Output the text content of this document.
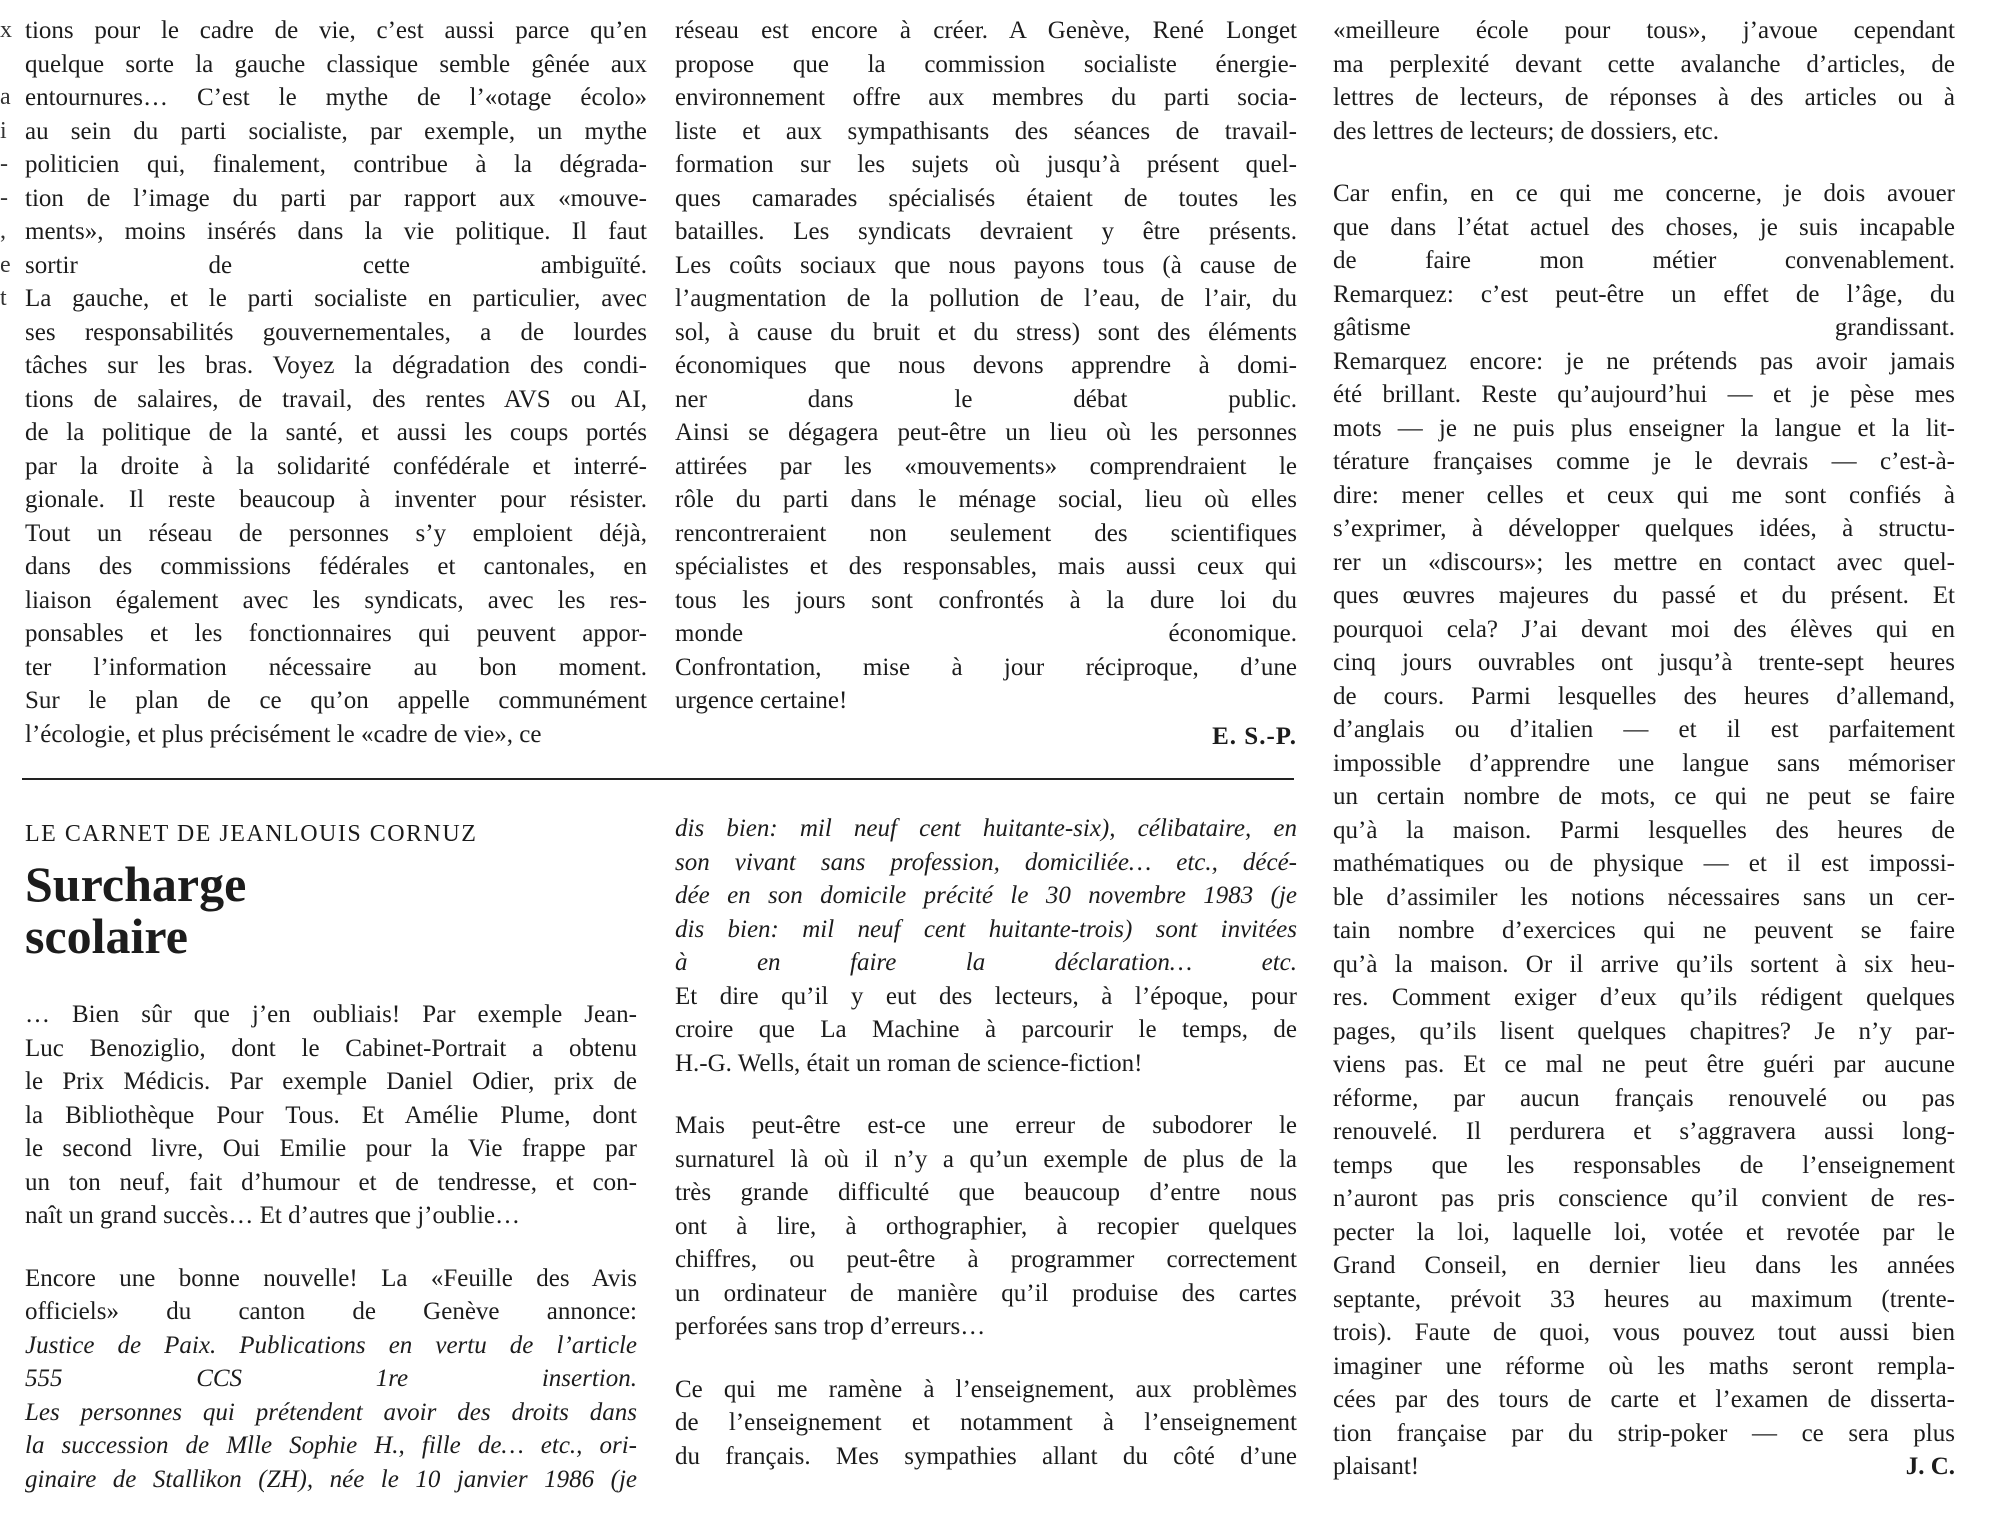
x
a
i
-
-
,
e
t

tions pour le cadre de vie, c’est aussi parce qu’en

quelque sorte la gauche classique semble gênée aux

entournures… C’est le mythe de l’«otage écolo»

au sein du parti socialiste, par exemple, un mythe

politicien qui, finalement, contribue à la dégrada-

tion de l’image du parti par rapport aux «mouve-

ments», moins insérés dans la vie politique. Il faut

sortir de cette ambiguïté.

La gauche, et le parti socialiste en particulier, avec

ses responsabilités gouvernementales, a de lourdes

tâches sur les bras. Voyez la dégradation des condi-

tions de salaires, de travail, des rentes AVS ou AI,

de la politique de la santé, et aussi les coups portés

par la droite à la solidarité confédérale et interré-

gionale. Il reste beaucoup à inventer pour résister.

Tout un réseau de personnes s’y emploient déjà,

dans des commissions fédérales et cantonales, en

liaison également avec les syndicats, avec les res-

ponsables et les fonctionnaires qui peuvent appor-

ter l’information nécessaire au bon moment.

Sur le plan de ce qu’on appelle communément

l’écologie, et plus précisément le «cadre de vie», ce

réseau est encore à créer. A Genève, René Longet

propose que la commission socialiste énergie-

environnement offre aux membres du parti socia-

liste et aux sympathisants des séances de travail-

formation sur les sujets où jusqu’à présent quel-

ques camarades spécialisés étaient de toutes les

batailles. Les syndicats devraient y être présents.

Les coûts sociaux que nous payons tous (à cause de

l’augmentation de la pollution de l’eau, de l’air, du

sol, à cause du bruit et du stress) sont des éléments

économiques que nous devons apprendre à domi-

ner dans le débat public.

Ainsi se dégagera peut-être un lieu où les personnes

attirées par les «mouvements» comprendraient le

rôle du parti dans le ménage social, lieu où elles

rencontreraient non seulement des scientifiques

spécialistes et des responsables, mais aussi ceux qui

tous les jours sont confrontés à la dure loi du

monde économique.

Confrontation, mise à jour réciproque, d’une

urgence certaine!

E. S.-P.
LE CARNET DE JEANLOUIS CORNUZ
Surcharge
scolaire

… Bien sûr que j’en oubliais! Par exemple Jean-

Luc Benoziglio, dont le Cabinet-Portrait a obtenu

le Prix Médicis. Par exemple Daniel Odier, prix de

la Bibliothèque Pour Tous. Et Amélie Plume, dont

le second livre, Oui Emilie pour la Vie frappe par

un ton neuf, fait d’humour et de tendresse, et con-

naît un grand succès… Et d’autres que j’oublie…

Encore une bonne nouvelle! La «Feuille des Avis

officiels» du canton de Genève annonce:

Justice de Paix. Publications en vertu de l’article

555 CCS 1re insertion.

Les personnes qui prétendent avoir des droits dans

la succession de Mlle Sophie H., fille de… etc., ori-

ginaire de Stallikon (ZH), née le 10 janvier 1986 (je

dis bien: mil neuf cent huitante-six), célibataire, en

son vivant sans profession, domiciliée… etc., décé-

dée en son domicile précité le 30 novembre 1983 (je

dis bien: mil neuf cent huitante-trois) sont invitées

à en faire la déclaration… etc.

Et dire qu’il y eut des lecteurs, à l’époque, pour

croire que La Machine à parcourir le temps, de

H.-G. Wells, était un roman de science-fiction!

Mais peut-être est-ce une erreur de subodorer le

surnaturel là où il n’y a qu’un exemple de plus de la

très grande difficulté que beaucoup d’entre nous

ont à lire, à orthographier, à recopier quelques

chiffres, ou peut-être à programmer correctement

un ordinateur de manière qu’il produise des cartes

perforées sans trop d’erreurs…

Ce qui me ramène à l’enseignement, aux problèmes

de l’enseignement et notamment à l’enseignement

du français. Mes sympathies allant du côté d’une

«meilleure école pour tous», j’avoue cependant

ma perplexité devant cette avalanche d’articles, de

lettres de lecteurs, de réponses à des articles ou à

des lettres de lecteurs; de dossiers, etc.

Car enfin, en ce qui me concerne, je dois avouer

que dans l’état actuel des choses, je suis incapable

de faire mon métier convenablement.

Remarquez: c’est peut-être un effet de l’âge, du

gâtisme grandissant.

Remarquez encore: je ne prétends pas avoir jamais

été brillant. Reste qu’aujourd’hui — et je pèse mes

mots — je ne puis plus enseigner la langue et la lit-

térature françaises comme je le devrais — c’est-à-

dire: mener celles et ceux qui me sont confiés à

s’exprimer, à développer quelques idées, à structu-

rer un «discours»; les mettre en contact avec quel-

ques œuvres majeures du passé et du présent. Et

pourquoi cela? J’ai devant moi des élèves qui en

cinq jours ouvrables ont jusqu’à trente-sept heures

de cours. Parmi lesquelles des heures d’allemand,

d’anglais ou d’italien — et il est parfaitement

impossible d’apprendre une langue sans mémoriser

un certain nombre de mots, ce qui ne peut se faire

qu’à la maison. Parmi lesquelles des heures de

mathématiques ou de physique — et il est impossi-

ble d’assimiler les notions nécessaires sans un cer-

tain nombre d’exercices qui ne peuvent se faire

qu’à la maison. Or il arrive qu’ils sortent à six heu-

res. Comment exiger d’eux qu’ils rédigent quelques

pages, qu’ils lisent quelques chapitres? Je n’y par-

viens pas. Et ce mal ne peut être guéri par aucune

réforme, par aucun français renouvelé ou pas

renouvelé. Il perdurera et s’aggravera aussi long-

temps que les responsables de l’enseignement

n’auront pas pris conscience qu’il convient de res-

pecter la loi, laquelle loi, votée et revotée par le

Grand Conseil, en dernier lieu dans les années

septante, prévoit 33 heures au maximum (trente-

trois). Faute de quoi, vous pouvez tout aussi bien

imaginer une réforme où les maths seront rempla-

cées par des tours de carte et l’examen de disserta-

tion française par du strip-poker — ce sera plus

plaisant!	J. C.
